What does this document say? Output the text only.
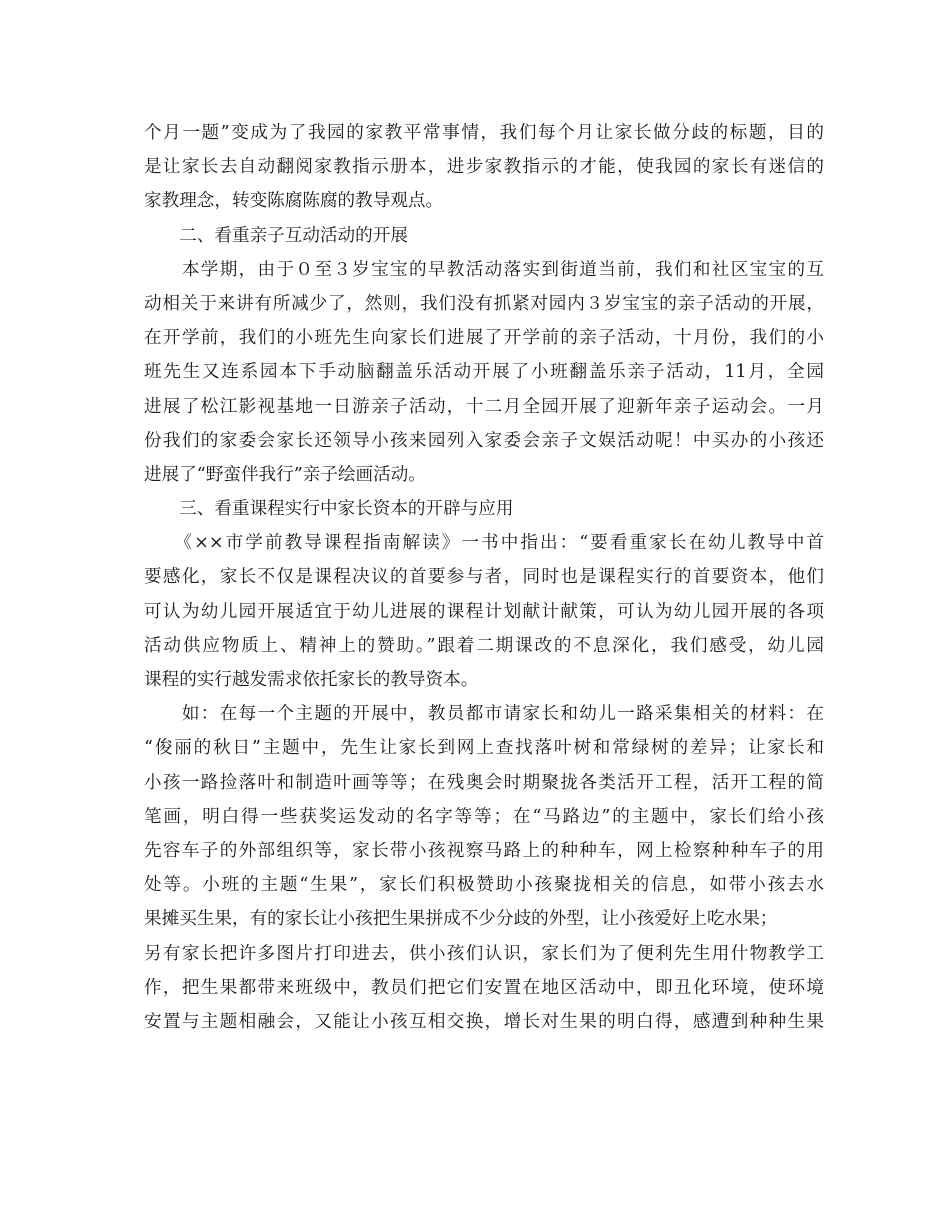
个月一题”变成为了我园的家教平常事情，我们每个月让家长做分歧的标题，目的
是让家长去自动翻阅家教指示册本，进步家教指示的才能，使我园的家长有迷信的
家教理念，转变陈腐陈腐的教导观点。
　　二、看重亲子互动活动的开展
　　本学期，由于０至３岁宝宝的早教活动落实到街道当前，我们和社区宝宝的互
动相关于来讲有所减少了，然则，我们没有抓紧对园内３岁宝宝的亲子活动的开展，
在开学前，我们的小班先生向家长们进展了开学前的亲子活动，十月份，我们的小
班先生又连系园本下手动脑翻盖乐活动开展了小班翻盖乐亲子活动，11月，全园
进展了松江影视基地一日游亲子活动，十二月全园开展了迎新年亲子运动会。一月
份我们的家委会家长还领导小孩来园列入家委会亲子文娱活动呢！中买办的小孩还
进展了“野蛮伴我行”亲子绘画活动。
　　三、看重课程实行中家长资本的开辟与应用
　　《××市学前教导课程指南解读》一书中指出：“要看重家长在幼儿教导中首
要感化，家长不仅是课程决议的首要参与者，同时也是课程实行的首要资本，他们
可认为幼儿园开展适宜于幼儿进展的课程计划献计献策，可认为幼儿园开展的各项
活动供应物质上、精神上的赞助。”跟着二期课改的不息深化，我们感受，幼儿园
课程的实行越发需求依托家长的教导资本。
　　如：在每一个主题的开展中，教员都市请家长和幼儿一路采集相关的材料：在
“俊丽的秋日”主题中，先生让家长到网上查找落叶树和常绿树的差异；让家长和
小孩一路捡落叶和制造叶画等等；在残奥会时期聚拢各类活开工程，活开工程的简
笔画，明白得一些获奖运发动的名字等等；在“马路边”的主题中，家长们给小孩
先容车子的外部组织等，家长带小孩视察马路上的种种车，网上检察种种车子的用
处等。小班的主题“生果”，家长们积极赞助小孩聚拢相关的信息，如带小孩去水
果摊买生果，有的家长让小孩把生果拼成不少分歧的外型，让小孩爱好上吃水果；
另有家长把许多图片打印进去，供小孩们认识，家长们为了便利先生用什物教学工
作，把生果都带来班级中，教员们把它们安置在地区活动中，即丑化环境，使环境
安置与主题相融会，又能让小孩互相交换，增长对生果的明白得，感遭到种种生果
